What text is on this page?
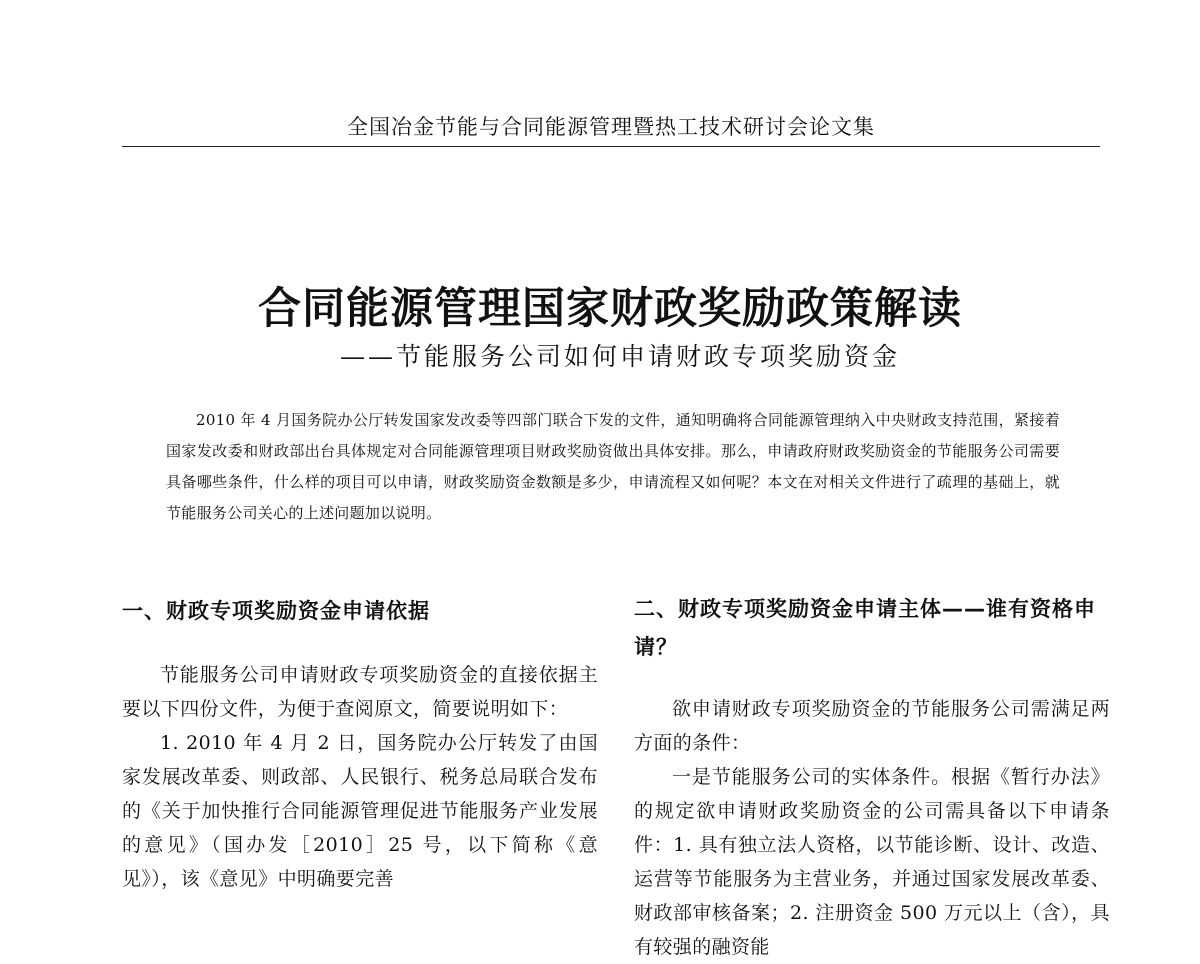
全国冶金节能与合同能源管理暨热工技术研讨会论文集
合同能源管理国家财政奖励政策解读
——节能服务公司如何申请财政专项奖励资金

2010 年 4 月国务院办公厅转发国家发改委等四部门联合下发的文件，通知明确将合同能源管理纳入中央财政支持范围，紧接着国家发改委和财政部出台具体规定对合同能源管理项目财政奖励资做出具体安排。那么，申请政府财政奖励资金的节能服务公司需要具备哪些条件，什么样的项目可以申请，财政奖励资金数额是多少，申请流程又如何呢？本文在对相关文件进行了疏理的基础上，就节能服务公司关心的上述问题加以说明。

一、财政专项奖励资金申请依据

节能服务公司申请财政专项奖励资金的直接依据主要以下四份文件，为便于查阅原文，简要说明如下：

1. 2010 年 4 月 2 日，国务院办公厅转发了由国家发展改革委、则政部、人民银行、税务总局联合发布的《关于加快推行合同能源管理促进节能服务产业发展的意见》（国办发［2010］25 号，以下简称《意见》），该《意见》中明确要完善

二、财政专项奖励资金申请主体——谁有资格申请？

欲申请财政专项奖励资金的节能服务公司需满足两方面的条件：

一是节能服务公司的实体条件。根据《暂行办法》的规定欲申请财政奖励资金的公司需具备以下申请条件：1. 具有独立法人资格，以节能诊断、设计、改造、运营等节能服务为主营业务，并通过国家发展改革委、财政部审核备案；2. 注册资金 500 万元以上（含），具有较强的融资能
